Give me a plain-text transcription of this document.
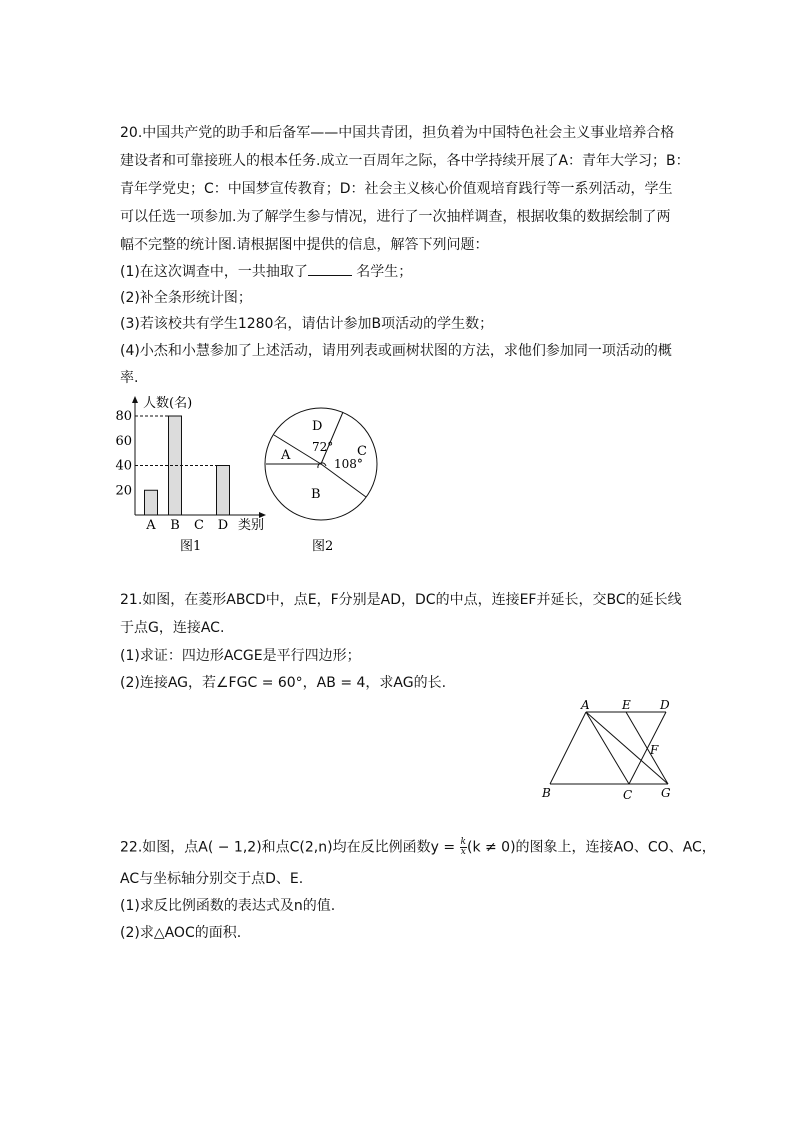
20.中国共产党的助手和后备军——中国共青团，担负着为中国特色社会主义事业培养合格
建设者和可靠接班人的根本任务.成立一百周年之际，各中学持续开展了A：青年大学习；B：
青年学党史；C：中国梦宣传教育；D：社会主义核心价值观培育践行等一系列活动，学生
可以任选一项参加.为了解学生参与情况，进行了一次抽样调查，根据收集的数据绘制了两
幅不完整的统计图.请根据图中提供的信息，解答下列问题：
(1)在这次调查中，一共抽取了	名学生；
(2)补全条形统计图；
(3)若该校共有学生1280名，请估计参加B项活动的学生数；
(4)小杰和小慧参加了上述活动，请用列表或画树状图的方法，求他们参加同一项活动的概
率.
人数(名)
类别
20
40
60
80
A B C D
图1
D
C
A
B
72°
108°
图2
21.如图，在菱形ABCD中，点E，F分别是AD，DC的中点，连接EF并延长，交BC的延长线
于点G，连接AC.
(1)求证：四边形ACGE是平行四边形；
(2)连接AG，若∠FGC = 60°，AB = 4，求AG的长.
A	E D
F
B	C G
22.如图，点A( − 1,2)和点C(2,n)均在反比例函数$y = \frac{k}{x} (k \ne 0)$的图象上，连接AO、CO、AC，
AC与坐标轴分别交于点D、E.
(1)求反比例函数的表达式及n的值.
(2)求△AOC的面积.
